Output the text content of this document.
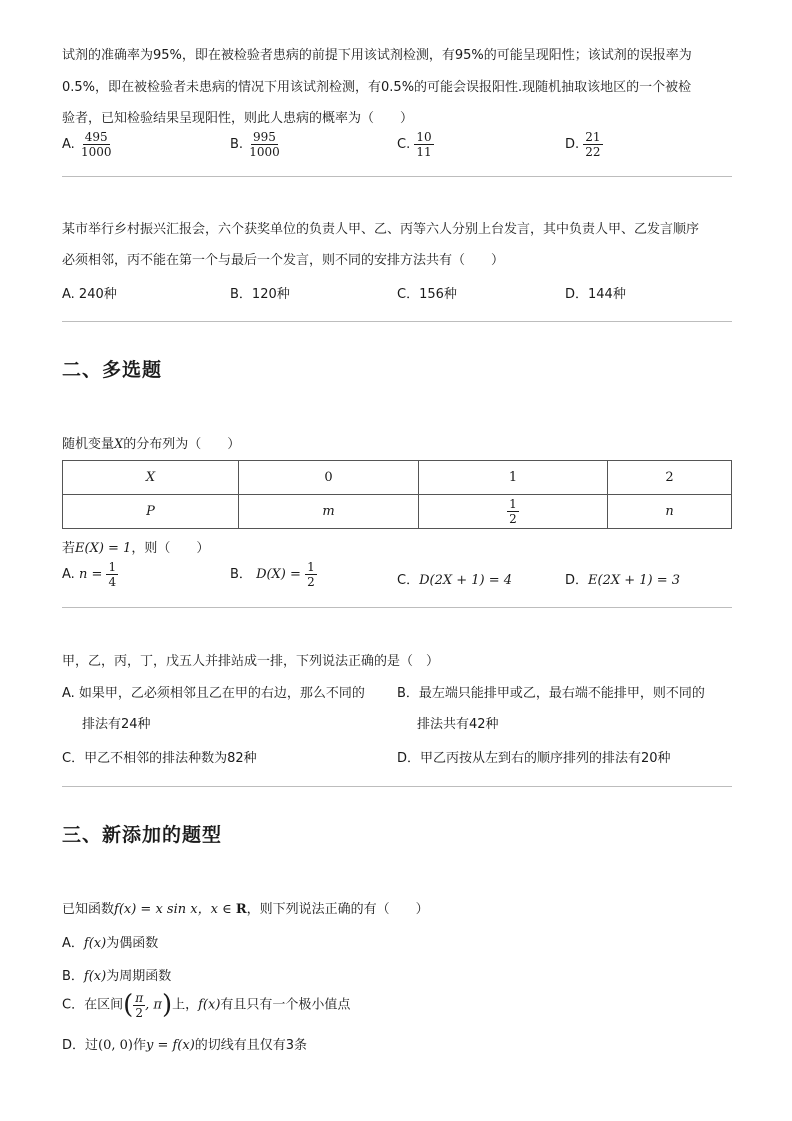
试剂的准确率为95%，即在被检验者患病的前提下用该试剂检测，有95%的可能呈现阳性；该试剂的误报率为
0.5%，即在被检验者未患病的情况下用该试剂检测，有0.5%的可能会误报阳性.现随机抽取该地区的一个被检
验者，已知检验结果呈现阳性，则此人患病的概率为（　　）
A. $\frac{495}{1000}$	B. $\frac{995}{1000}$	C. $\frac{10}{11}$	D. $\frac{21}{22}$
某市举行乡村振兴汇报会，六个获奖单位的负责人甲、乙、丙等六人分别上台发言，其中负责人甲、乙发言顺序
必须相邻，丙不能在第一个与最后一个发言，则不同的安排方法共有（　　）
A. 240种	B．120种	C．156种	D．144种
二、多选题
随机变量X的分布列为（　　）
X	0	1	2
P	m	$\frac{1}{2}$	n
若E(X) = 1，则（　　）
A. $n = \frac{1}{4}$	B． $D(X) = \frac{1}{2}$	C．D(2X + 1) = 4	D．E(2X + 1) = 3
甲，乙，丙，丁，戊五人并排站成一排，下列说法正确的是（　）
A. 如果甲，乙必须相邻且乙在甲的右边，那么不同的
排法有24种
B．最左端只能排甲或乙，最右端不能排甲，则不同的
排法共有42种
C．甲乙不相邻的排法种数为82种	D．甲乙丙按从左到右的顺序排列的排法有20种
三、新添加的题型
已知函数f(x) = x sin x，x ∈ R，则下列说法正确的有（　　）
A．f(x)为偶函数
B．f(x)为周期函数
C．在区间( $\frac{\pi}{2}$ , π)上，f(x)有且只有一个极小值点
D．过(0, 0)作y = f(x)的切线有且仅有3条
